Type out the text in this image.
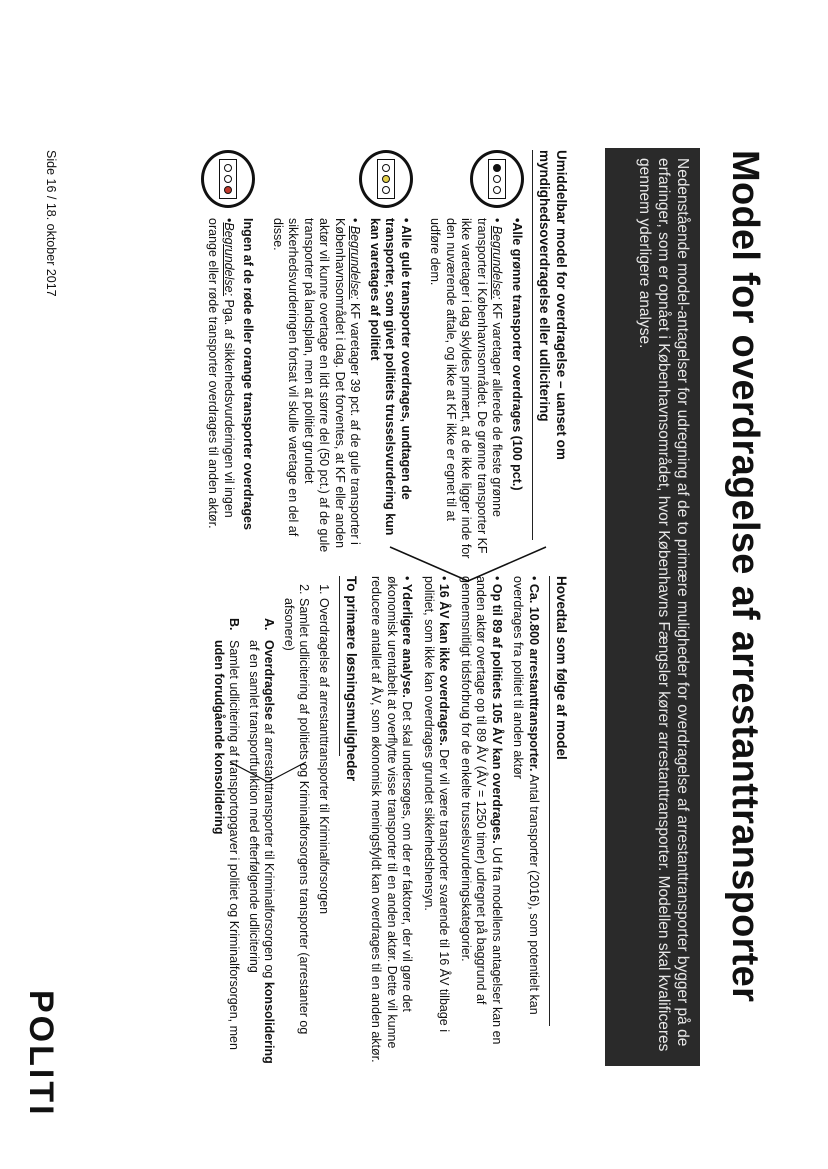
Model for overdragelse af arrestanttransporter

Nedenstående model-antagelser for udregning af de to primære muligheder for overdragelse af arrestanttransporter bygger på de erfaringer, som er opnået i Københavnsområdet, hvor Københavns Fængsler kører arrestanttransporter. Modellen skal kvalificeres gennem yderligere analyse.

Umiddelbar model for overdragelse – uanset om myndighedsoverdragelse eller udlicitering

•Alle grønne transporter overdrages (100 pct.)

• Begrundelse: KF varetager allerede de fleste grønne transporter i Københavnsområdet. De grønne transporter KF ikke varetager i dag skyldes primært, at de ikke ligger inde for den nuværende aftale, og ikke at KF ikke er egnet til at udføre dem.

• Alle gule transporter overdrages, undtagen de transporter, som givet politiets trusselsvurdering kun kan varetages af politiet

• Begrundelse: KF varetager 39 pct. af de gule transporter i Københavnsområdet i dag. Det forventes, at KF eller anden aktør vil kunne overtage en lidt større del (50 pct.) af de gule transporter på landsplan, men at politiet grundet sikkerhedsvurderingen fortsat vil skulle varetage en del af disse.

Ingen af de røde eller orange transporter overdrages

•Begrundelse: Pga. af sikkerhedsvurderingen vil ingen orange eller røde transporter overdrages til anden aktør.

Hovedtal som følge af model

• Ca. 10.800 arrestanttransporter. Antal transporter (2016), som potentielt kan overdrages fra politiet til anden aktør

• Op til 89 af politiets 105 ÅV kan overdrages. Ud fra modellens antagelser kan en anden aktør overtage op til 89 ÅV (ÅV = 1250 timer) udregnet på baggrund af gennemsnitligt tidsforbrug for de enkelte trusselsvurderingskategorier.

• 16 ÅV kan ikke overdrages. Der vil være transporter svarende til 16 ÅV tilbage i politiet, som ikke kan overdrages grundet sikkerhedshensyn.

• Yderligere analyse. Det skal undersøges, om der er faktorer, der vil gøre det økonomisk urentabelt at overflytte visse transporter til en anden aktør. Dette vil kunne reducere antallet af ÅV, som økonomisk meningsfyldt kan overdrages til en anden aktør.

To primære løsningsmuligheder
1. Overdragelse af arrestanttransporter til Kriminalforsorgen
2. Samlet udlicitering af politiets og Kriminalforsorgens transporter (arrestanter og afsonere)
A.
Overdragelse af arrestanttransporter til Kriminalforsorgen og konsolidering af en samlet transportfunktion med efterfølgende udlicitering
B.
Samlet udlicitering af transportopgaver i politiet og Kriminalforsorgen, men uden forudgående konsolidering
Side 16 / 18. oktober 2017
POLITI
